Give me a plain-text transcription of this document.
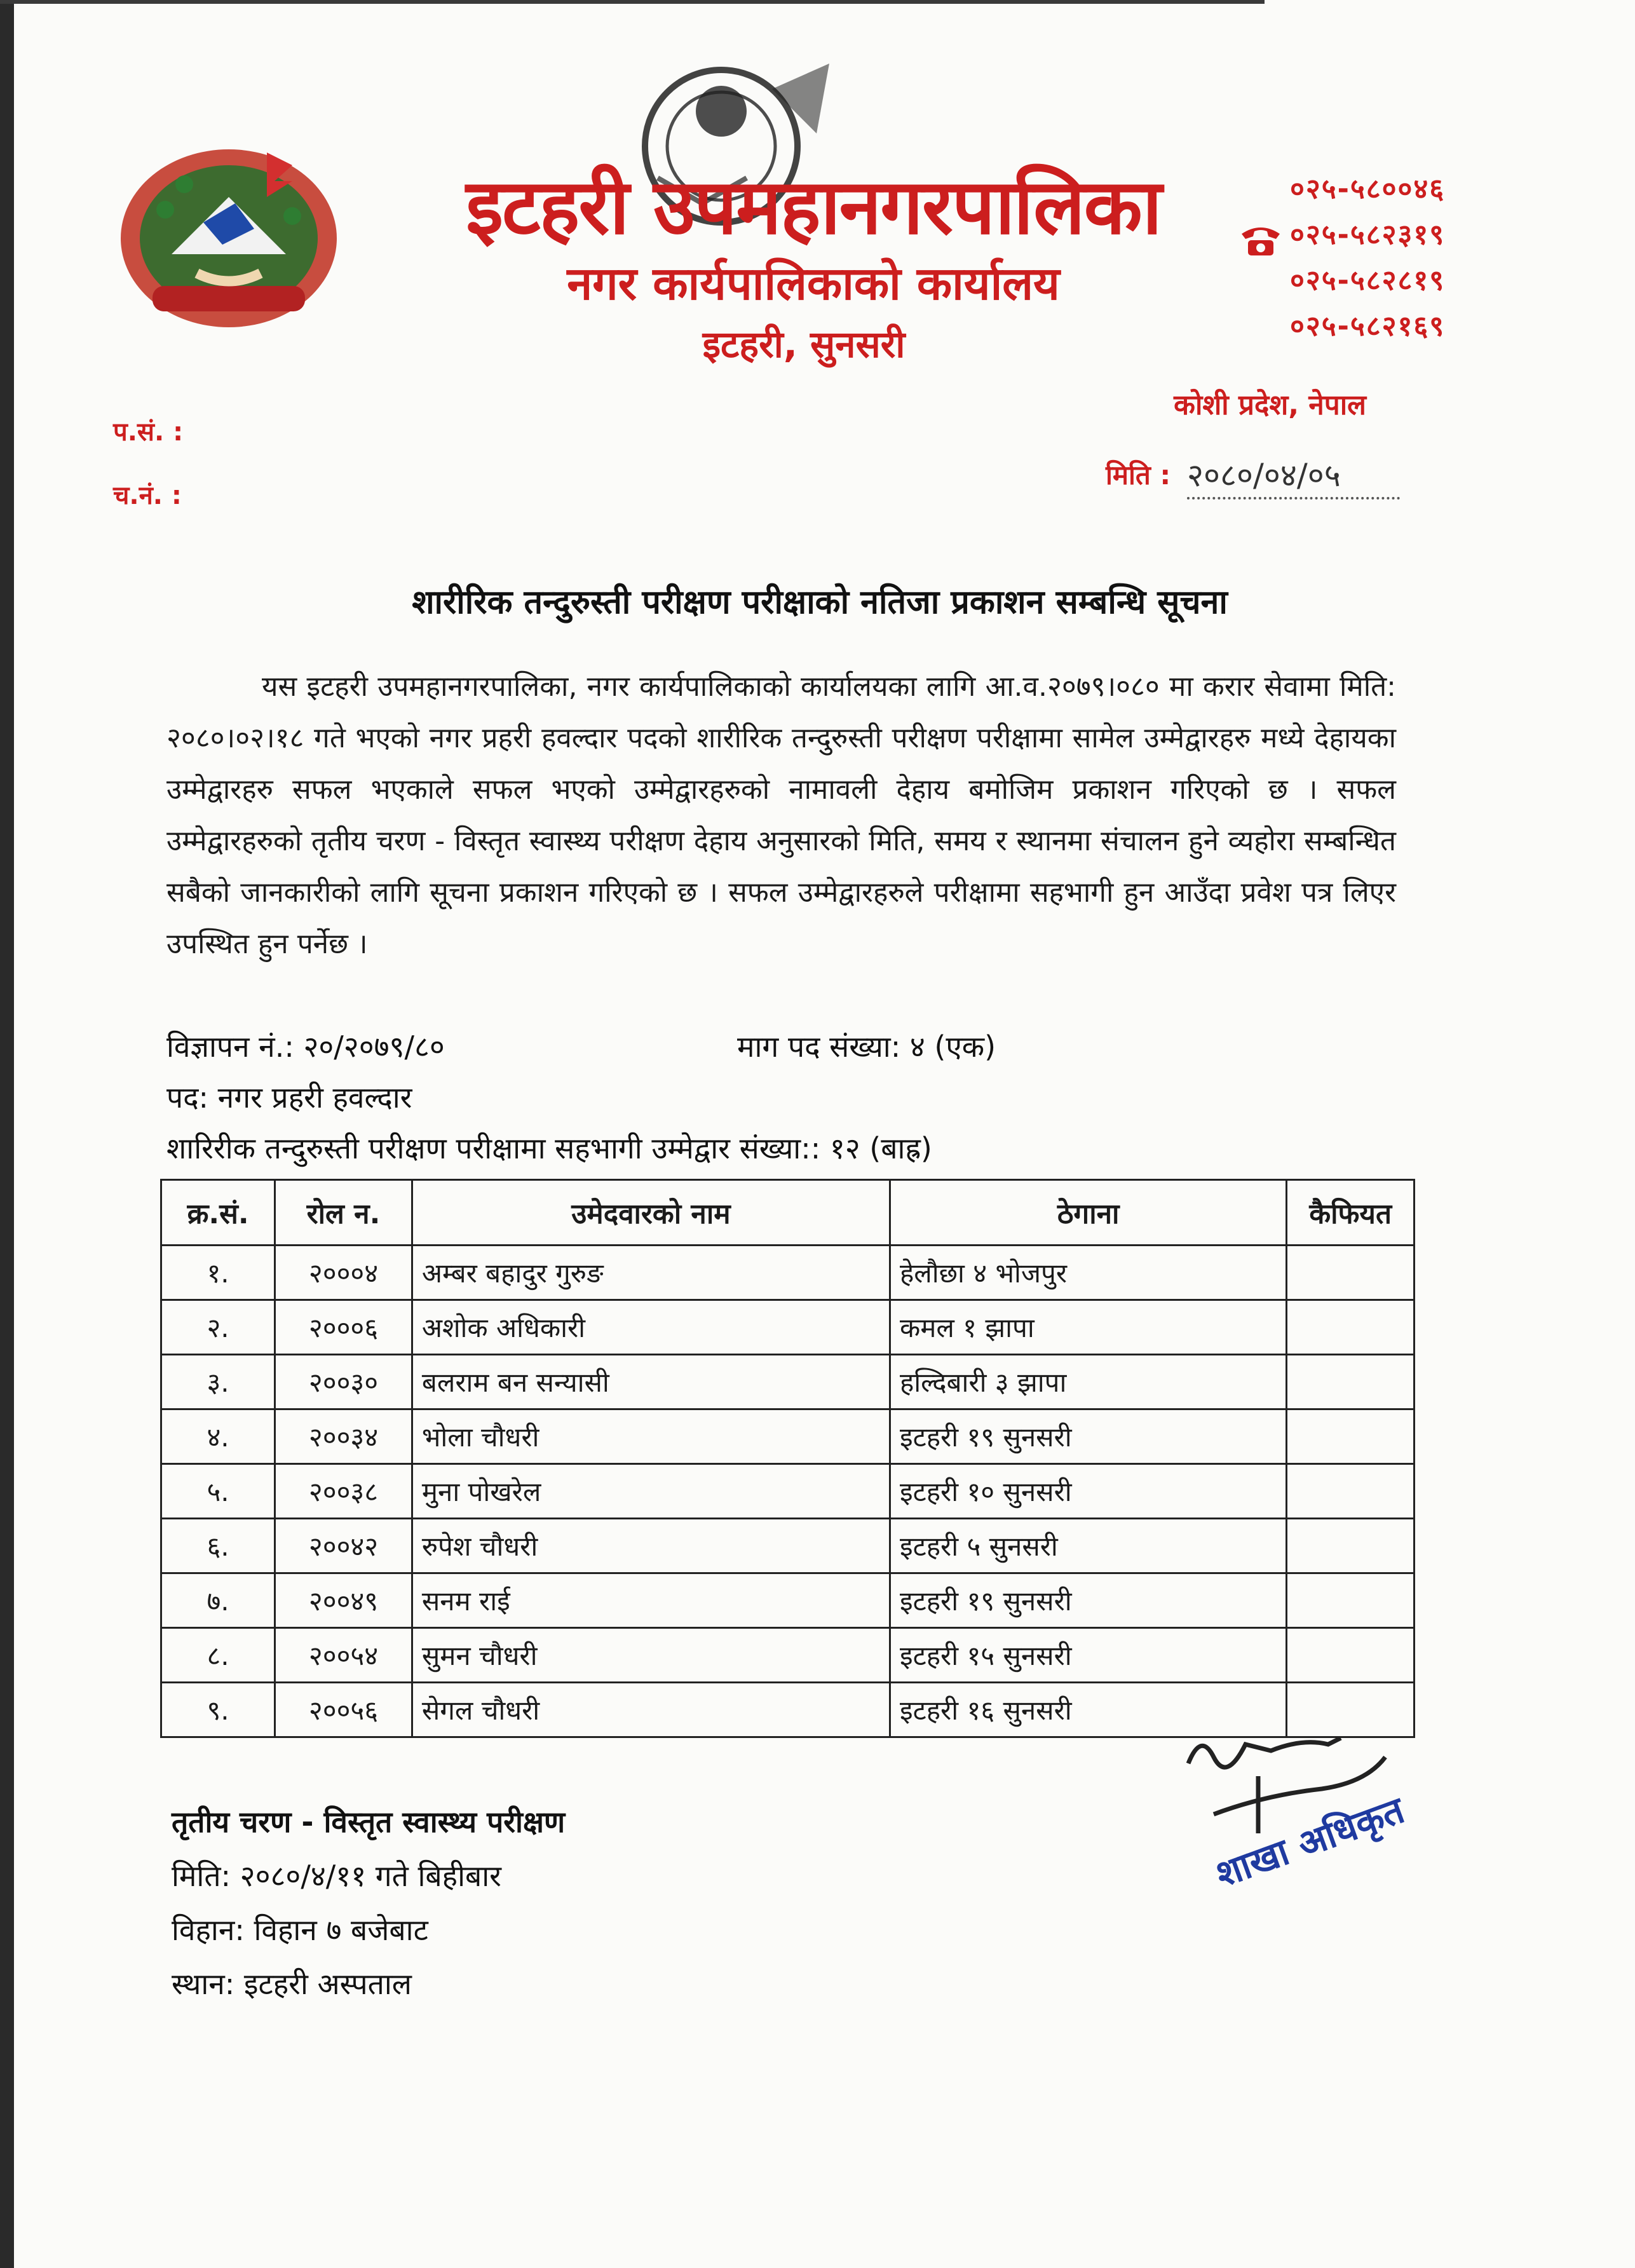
इटहरी उपमहानगरपालिका
नगर कार्यपालिकाको कार्यालय
इटहरी, सुनसरी
०२५-५८००४६
०२५-५८२३१९
०२५-५८२८१९
०२५-५८२१६९
कोशी प्रदेश, नेपाल
प.सं. :
च.नं. :
मिति : २०८०/०४/०५
शारीरिक तन्दुरुस्ती परीक्षण परीक्षाको नतिजा प्रकाशन सम्बन्धि सूचना
यस इटहरी उपमहानगरपालिका, नगर कार्यपालिकाको कार्यालयका लागि आ.व.२०७९।०८० मा करार सेवामा मिति: २०८०।०२।१८ गते भएको नगर प्रहरी हवल्दार पदको शारीरिक तन्दुरुस्ती परीक्षण परीक्षामा सामेल उम्मेद्वारहरु मध्ये देहायका उम्मेद्वारहरु सफल भएकाले सफल भएको उम्मेद्वारहरुको नामावली देहाय बमोजिम प्रकाशन गरिएको छ । सफल उम्मेद्वारहरुको तृतीय चरण - विस्तृत स्वास्थ्य परीक्षण देहाय अनुसारको मिति, समय र स्थानमा संचालन हुने व्यहोरा सम्बन्धित सबैको जानकारीको लागि सूचना प्रकाशन गरिएको छ । सफल उम्मेद्वारहरुले परीक्षामा सहभागी हुन आउँदा प्रवेश पत्र लिएर उपस्थित हुन पर्नेछ ।
विज्ञापन नं.: २०/२०७९/८०	माग पद संख्या: ४ (एक)
पद: नगर प्रहरी हवल्दार
शारिरीक तन्दुरुस्ती परीक्षण परीक्षामा सहभागी उम्मेद्वार संख्या:: १२ (बाह्र)
क्र.सं.	रोल न.	उमेदवारको नाम	ठेगाना	कैफियत
१.	२०००४	अम्बर बहादुर गुरुङ	हेलौछा ४ भोजपुर	
२.	२०००६	अशोक अधिकारी	कमल १ झापा	
३.	२००३०	बलराम बन सन्यासी	हल्दिबारी ३ झापा	
४.	२००३४	भोला चौधरी	इटहरी १९ सुनसरी	
५.	२००३८	मुना पोखरेल	इटहरी १० सुनसरी	
६.	२००४२	रुपेश चौधरी	इटहरी ५ सुनसरी	
७.	२००४९	सनम राई	इटहरी १९ सुनसरी	
८.	२००५४	सुमन चौधरी	इटहरी १५ सुनसरी	
९.	२००५६	सेगल चौधरी	इटहरी १६ सुनसरी	
तृतीय चरण - विस्तृत स्वास्थ्य परीक्षण
मिति: २०८०/४/११ गते बिहीबार
विहान: विहान ७ बजेबाट
स्थान: इटहरी अस्पताल
शाखा अधिकृत
